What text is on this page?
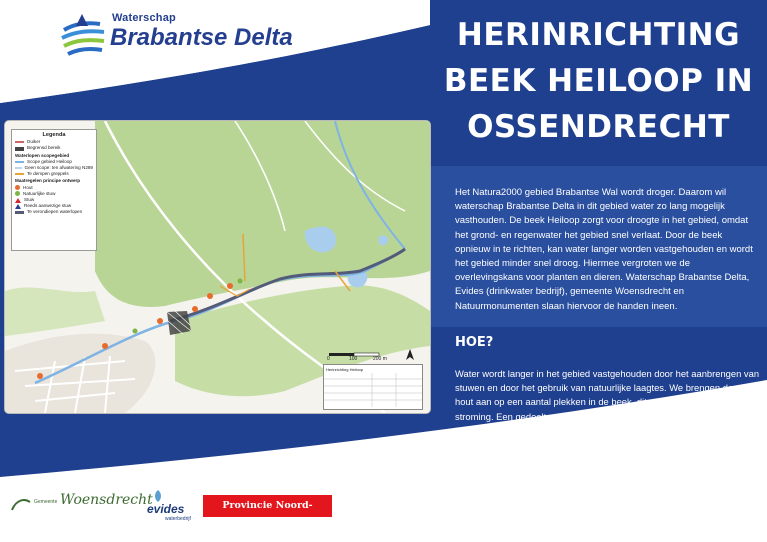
Waterschap
Brabantse Delta	HERINRICHTING
BEEK HEILOOP IN
OSSENDRECHT
Het Natura2000 gebied Brabantse Wal wordt droger. Daarom wil waterschap Brabantse Delta in dit gebied water zo lang mogelijk vasthouden. De beek Heiloop zorgt voor droogte in het gebied, omdat het grond- en regenwater het gebied snel verlaat. Door de beek opnieuw in te richten, kan water langer worden vastgehouden en wordt het gebied minder snel droog. Hiermee vergroten we de overlevingskans voor planten en dieren. Waterschap Brabantse Delta, Evides (drinkwater bedrijf), gemeente Woensdrecht en Natuurmonumenten slaan hiervoor de handen ineen.
HOE?
Water wordt langer in het gebied vastgehouden door het aanbrengen van stuwen en door het gebruik van natuurlijke laagtes. We brengen dood hout aan op een aantal plekken in de beek, dit zorgt voor variatie in stroming. Een gedeelte van de Heiloop wordt verontdiept. Daarnaast laten we de kleinere sloot ten zuiden van de Heiloop dicht groeien/ dempen.
in de afbeelding hiernaast zijn de maatregelen aangegeven.
Legenda
Duiker
Begrensd bereik
Waterlopen scopegebied
Scope gebied Heiloop
Geen scope: ten afwatering N289
Te dempen greppels
Maatregelen principe ontwerp
Hout
Natuurlijke stuw
Stuw
Reeds aanwezige stuw
Te verondiepen waterlopen
0	100	200 m
Herinrichting Heiloop
Gemeente Woensdrecht
evides
waterbedrijf
Provincie Noord-Brabant
